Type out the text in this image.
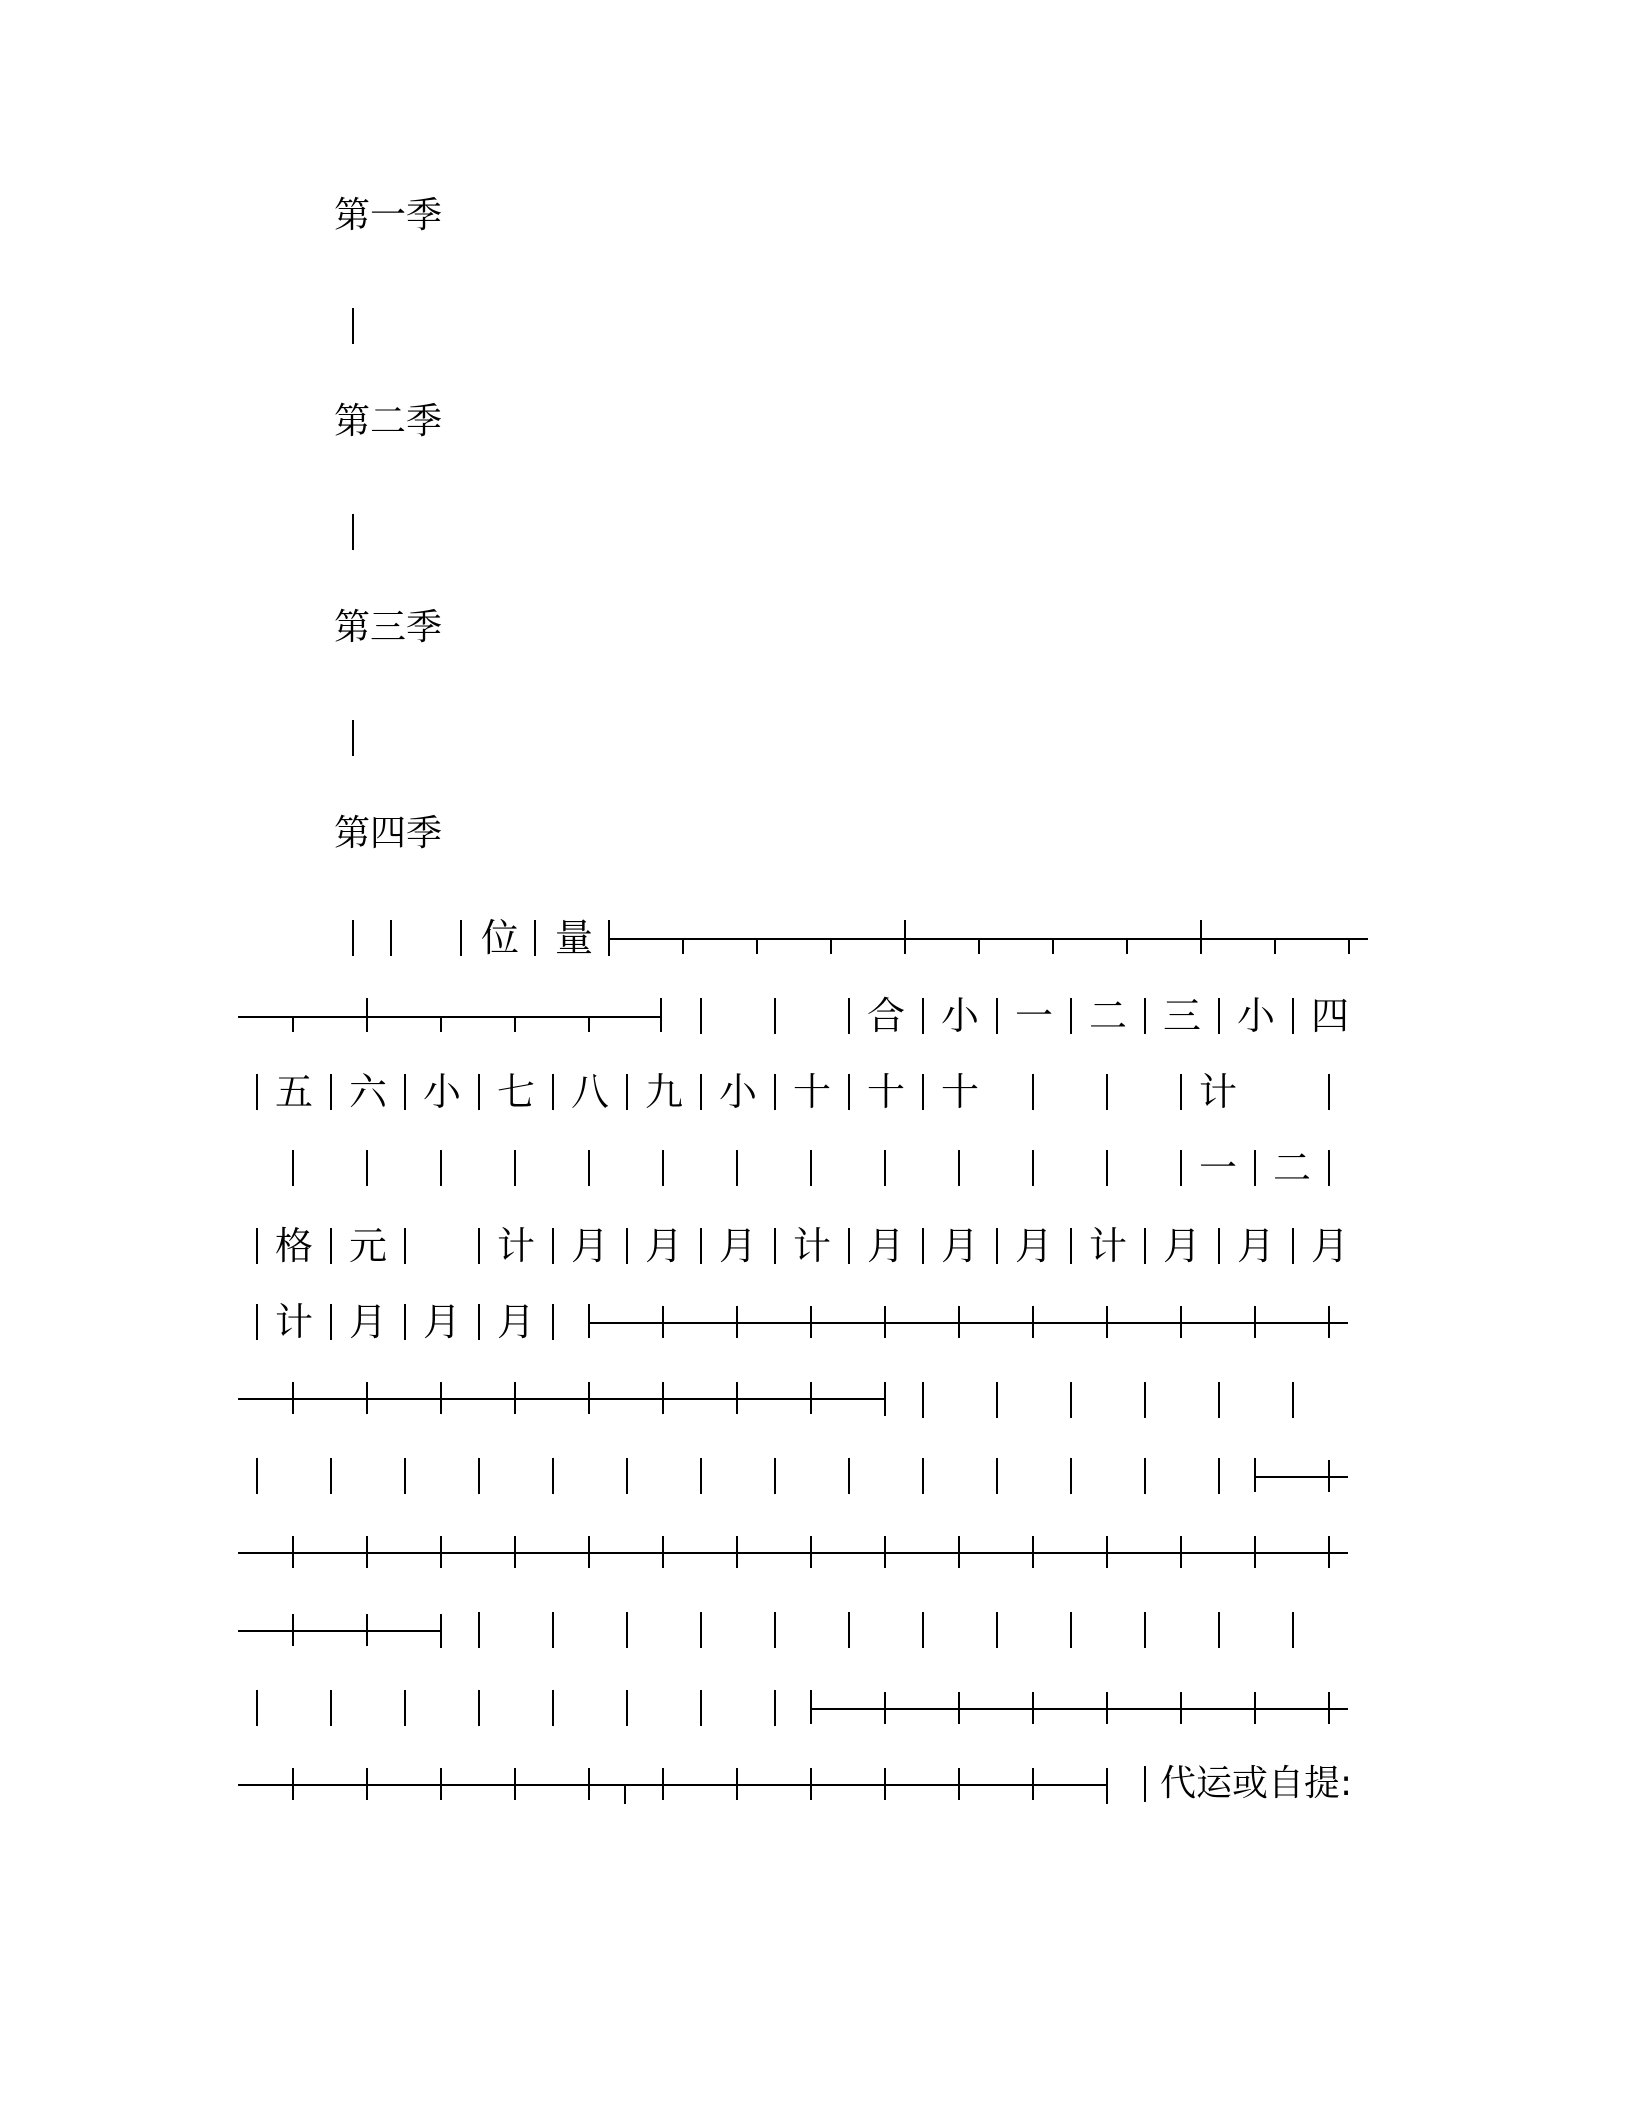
第一季
第二季
第三季
第四季
位 量
合 小 一 二 三 小 四
五 六 小 七 八 九 小 十 十 十	计
一 二
格 元	计 月 月 月 计 月 月 月 计 月 月 月
计 月 月 月
代运或自提:
